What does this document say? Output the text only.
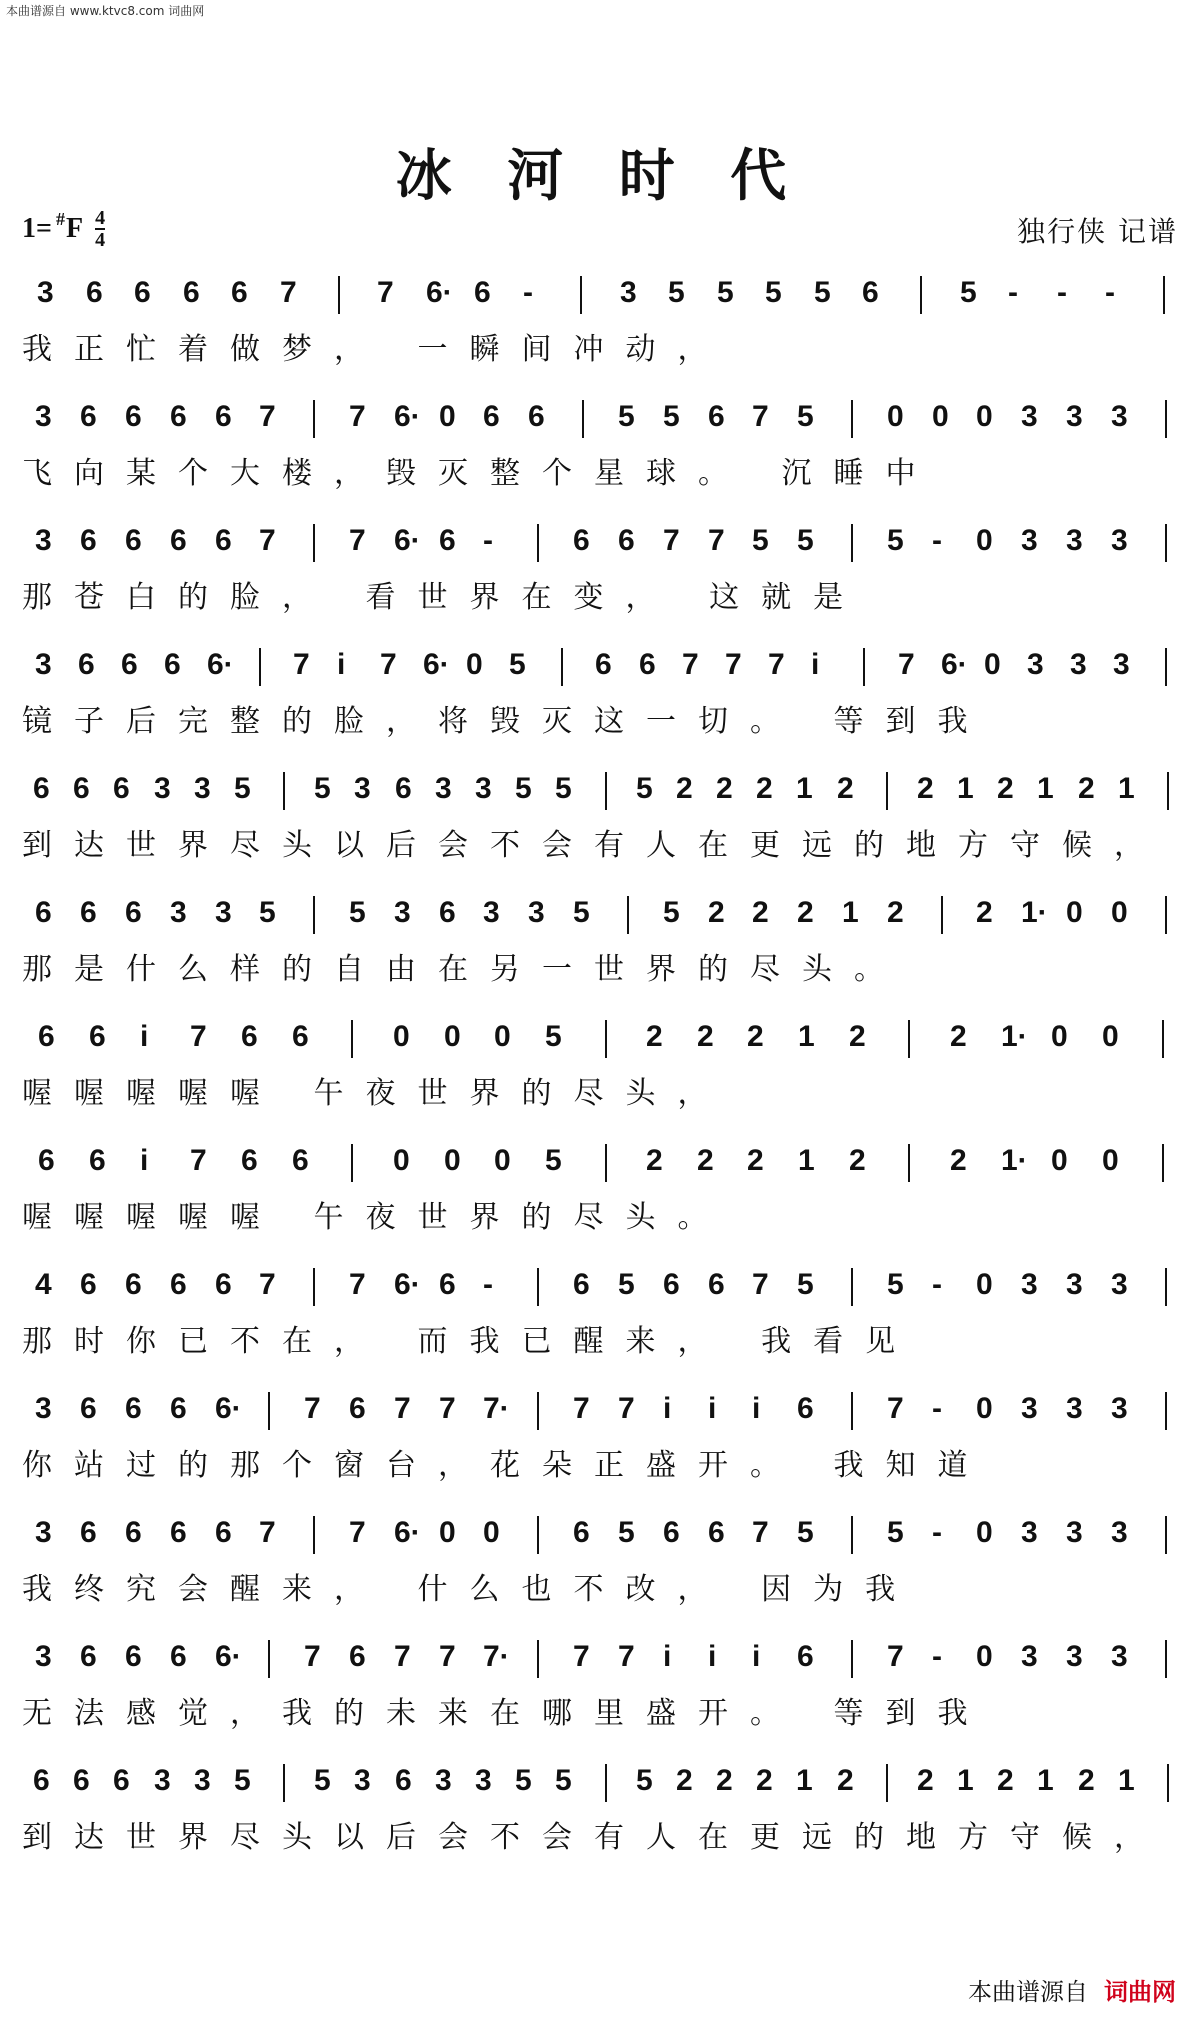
本曲谱源自 www.ktvc8.com 词曲网
冰 河 时 代
1= # F 4
4	独行侠 记谱
3 6 6 6 6 7	7 6· 6 -	3 5 5 5 5 6	5 - - -
我正忙着做梦， 一瞬间冲动，
3 6 6 6 6 7 7 6· 0 6 6 5 5 6 7 5 0 0 0 3 3 3
飞向某个大楼，毁灭整个星球。 沉睡中
3 6 6 6 6 7 7 6· 6 -	6 6 7 7 5 5 5 - 0 3 3 3
那苍白的脸， 看世界在变， 这就是
3 6 6 6 6· 7 i 7 6· 0 5 6 6 7 7 7 i	7 6· 0 3 3 3
镜子后完整的脸，将毁灭这一切。 等到我
6 6 6 3 3 5 5 3 6 3 3 5 5 5 2 2 2 1 2 2 1 2 1 2 1
到达世界尽头以后会不会有人在更远的地方守候，
6 6 6 3 3 5 5 3 6 3 3 5 5 2 2 2 1 2 2 1· 0 0
那是什么样的自由在另一世界的尽头。
6 6 i 7 6 6	0 0 0 5	2 2 2 1 2	2 1· 0 0
喔喔喔喔喔 午夜世界的尽头，
6 6 i 7 6 6	0 0 0 5	2 2 2 1 2	2 1· 0 0
喔喔喔喔喔 午夜世界的尽头。
4 6 6 6 6 7 7 6· 6 -	6 5 6 6 7 5 5 - 0 3 3 3
那时你已不在， 而我已醒来， 我看见
3 6 6 6 6· 7 6 7 7 7· 7 7 i i i 6 7 - 0 3 3 3
你站过的那个窗台，花朵正盛开。 我知道
3 6 6 6 6 7 7 6· 0 0 6 5 6 6 7 5 5 - 0 3 3 3
我终究会醒来， 什么也不改， 因为我
3 6 6 6 6· 7 6 7 7 7· 7 7 i i i 6 7 - 0 3 3 3
无法感觉，我的未来在哪里盛开。 等到我
6 6 6 3 3 5 5 3 6 3 3 5 5 5 2 2 2 1 2 2 1 2 1 2 1
到达世界尽头以后会不会有人在更远的地方守候，
本曲谱源自 词曲网
